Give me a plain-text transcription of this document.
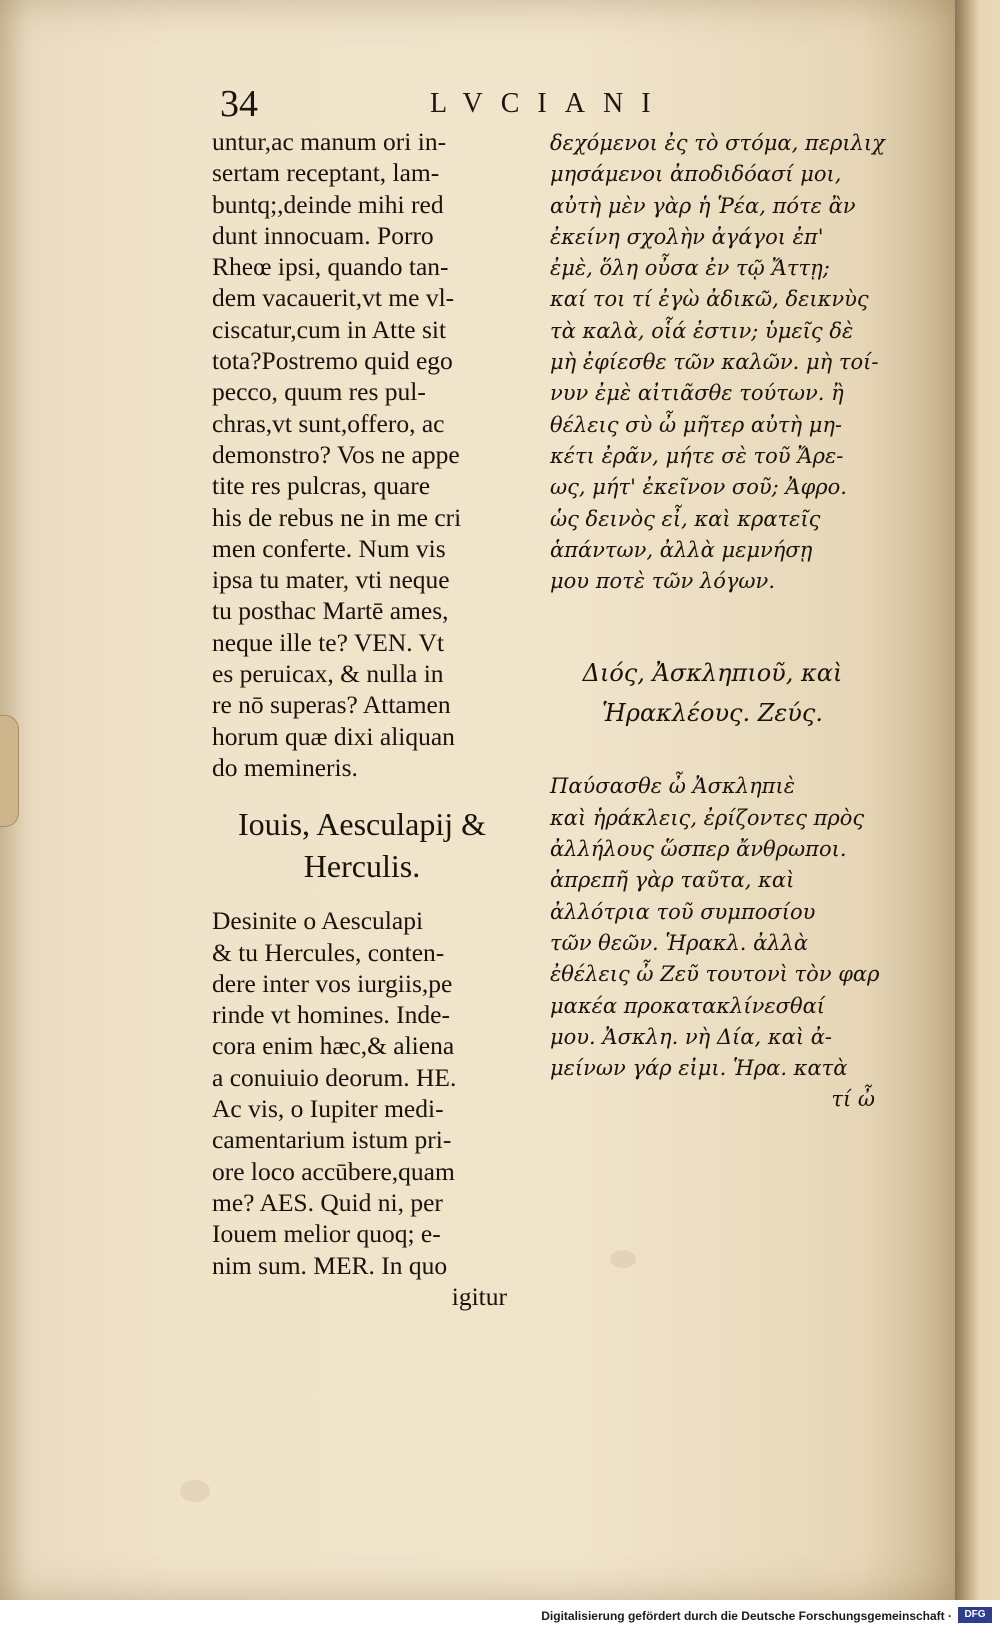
34	LVCIANI
untur,ac manum ori in-
sertam receptant, lam-
buntq;,deinde mihi red
dunt innocuam. Porro
Rheœ ipsi, quando tan-
dem vacauerit,vt me vl-
ciscatur,cum in Atte sit
tota?Postremo quid ego
pecco, quum res pul-
chras,vt sunt,offero, ac
demonstro? Vos ne appe
tite res pulcras, quare
his de rebus ne in me cri
men conferte. Num vis
ipsa tu mater, vti neque
tu posthac Martē ames,
neque ille te? VEN. Vt
es peruicax, & nulla in
re nō superas? Attamen
horum quæ dixi aliquan
do memineris.
Iouis, Aesculapij &
Herculis.
Desinite o Aesculapi
& tu Hercules, conten-
dere inter vos iurgiis,pe
rinde vt homines. Inde-
cora enim hæc,& aliena
a conuiuio deorum. HE.
Ac vis, o Iupiter medi-
camentarium istum pri-
ore loco accūbere,quam
me? AES. Quid ni, per
Iouem melior quoq; e-
nim sum. MER. In quo
igitur
δεχόμενοι ἐς τὸ στόμα, περιλιχ
μησάμενοι ἀποδιδόασί μοι,
αὐτὴ μὲν γὰρ ἡ Ῥέα, πότε ἂν
ἐκείνη σχολὴν ἀγάγοι ἐπ'
ἐμὲ, ὅλη οὖσα ἐν τῷ Ἄττῃ;
καί τοι τί ἐγὼ ἀδικῶ, δεικνὺς
τὰ καλὰ, οἷά ἐστιν; ὑμεῖς δὲ
μὴ ἐφίεσθε τῶν καλῶν. μὴ τοί-
νυν ἐμὲ αἰτιᾶσθε τούτων. ἢ
θέλεις σὺ ὦ μῆτερ αὐτὴ μη-
κέτι ἐρᾶν, μήτε σὲ τοῦ Ἄρε-
ως, μήτ' ἐκεῖνον σοῦ; Ἀφρο.
ὡς δεινὸς εἶ, καὶ κρατεῖς
ἁπάντων, ἀλλὰ μεμνήσῃ
μου ποτὲ τῶν λόγων.
Διός, Ἀσκληπιοῦ, καὶ
Ἡρακλέους. Ζεύς.
Παύσασθε ὦ Ἀσκληπιὲ
καὶ ἡράκλεις, ἐρίζοντες πρὸς
ἀλλήλους ὥσπερ ἄνθρωποι.
ἀπρεπῆ γὰρ ταῦτα, καὶ
ἀλλότρια τοῦ συμποσίου
τῶν θεῶν. Ἡρακλ. ἀλλὰ
ἐθέλεις ὦ Ζεῦ τουτονὶ τὸν φαρ
μακέα προκατακλίνεσθαί
μου. Ἀσκλη. νὴ Δία, καὶ ἀ-
μείνων γάρ εἰμι. Ἡρα. κατὰ
τί ὦ
Digitalisierung gefördert durch die Deutsche Forschungsgemeinschaft ·	DFG
